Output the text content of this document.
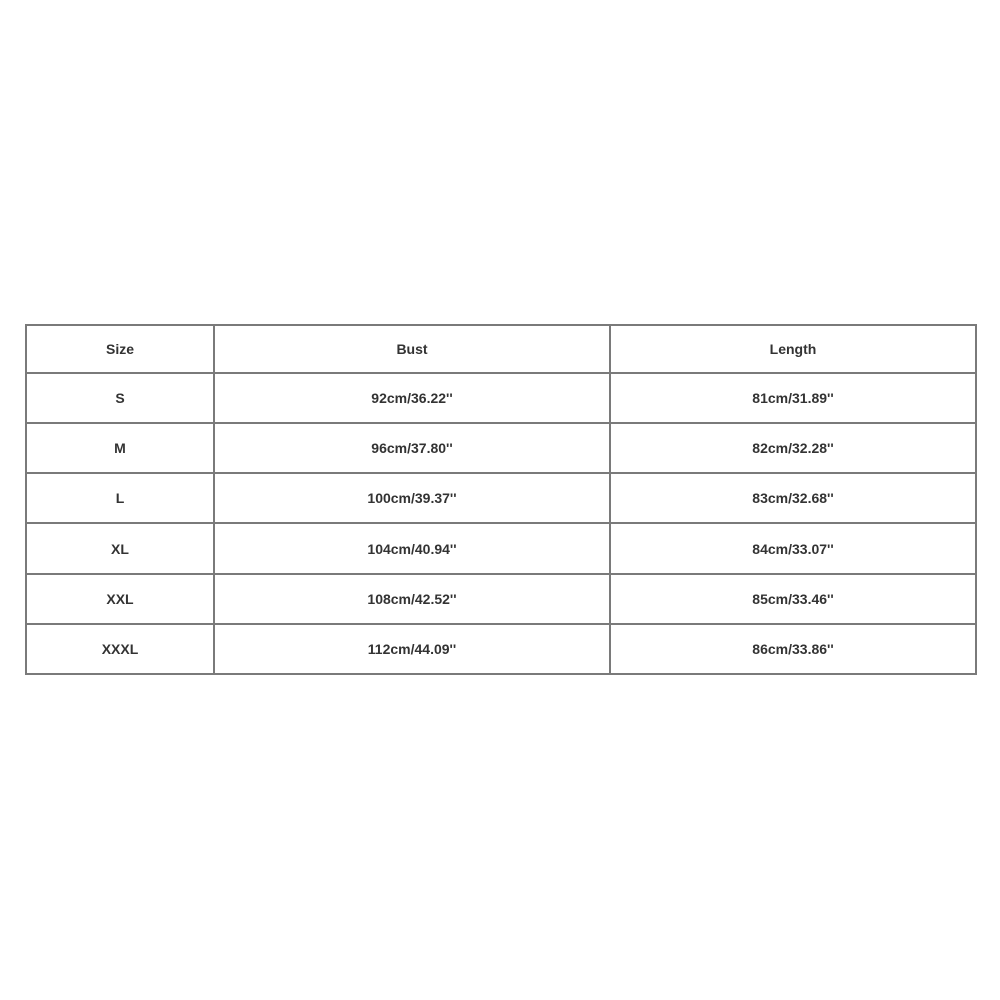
Size	Bust	Length
S	92cm/36.22''	81cm/31.89''
M	96cm/37.80''	82cm/32.28''
L	100cm/39.37''	83cm/32.68''
XL	104cm/40.94''	84cm/33.07''
XXL	108cm/42.52''	85cm/33.46''
XXXL	112cm/44.09''	86cm/33.86''
